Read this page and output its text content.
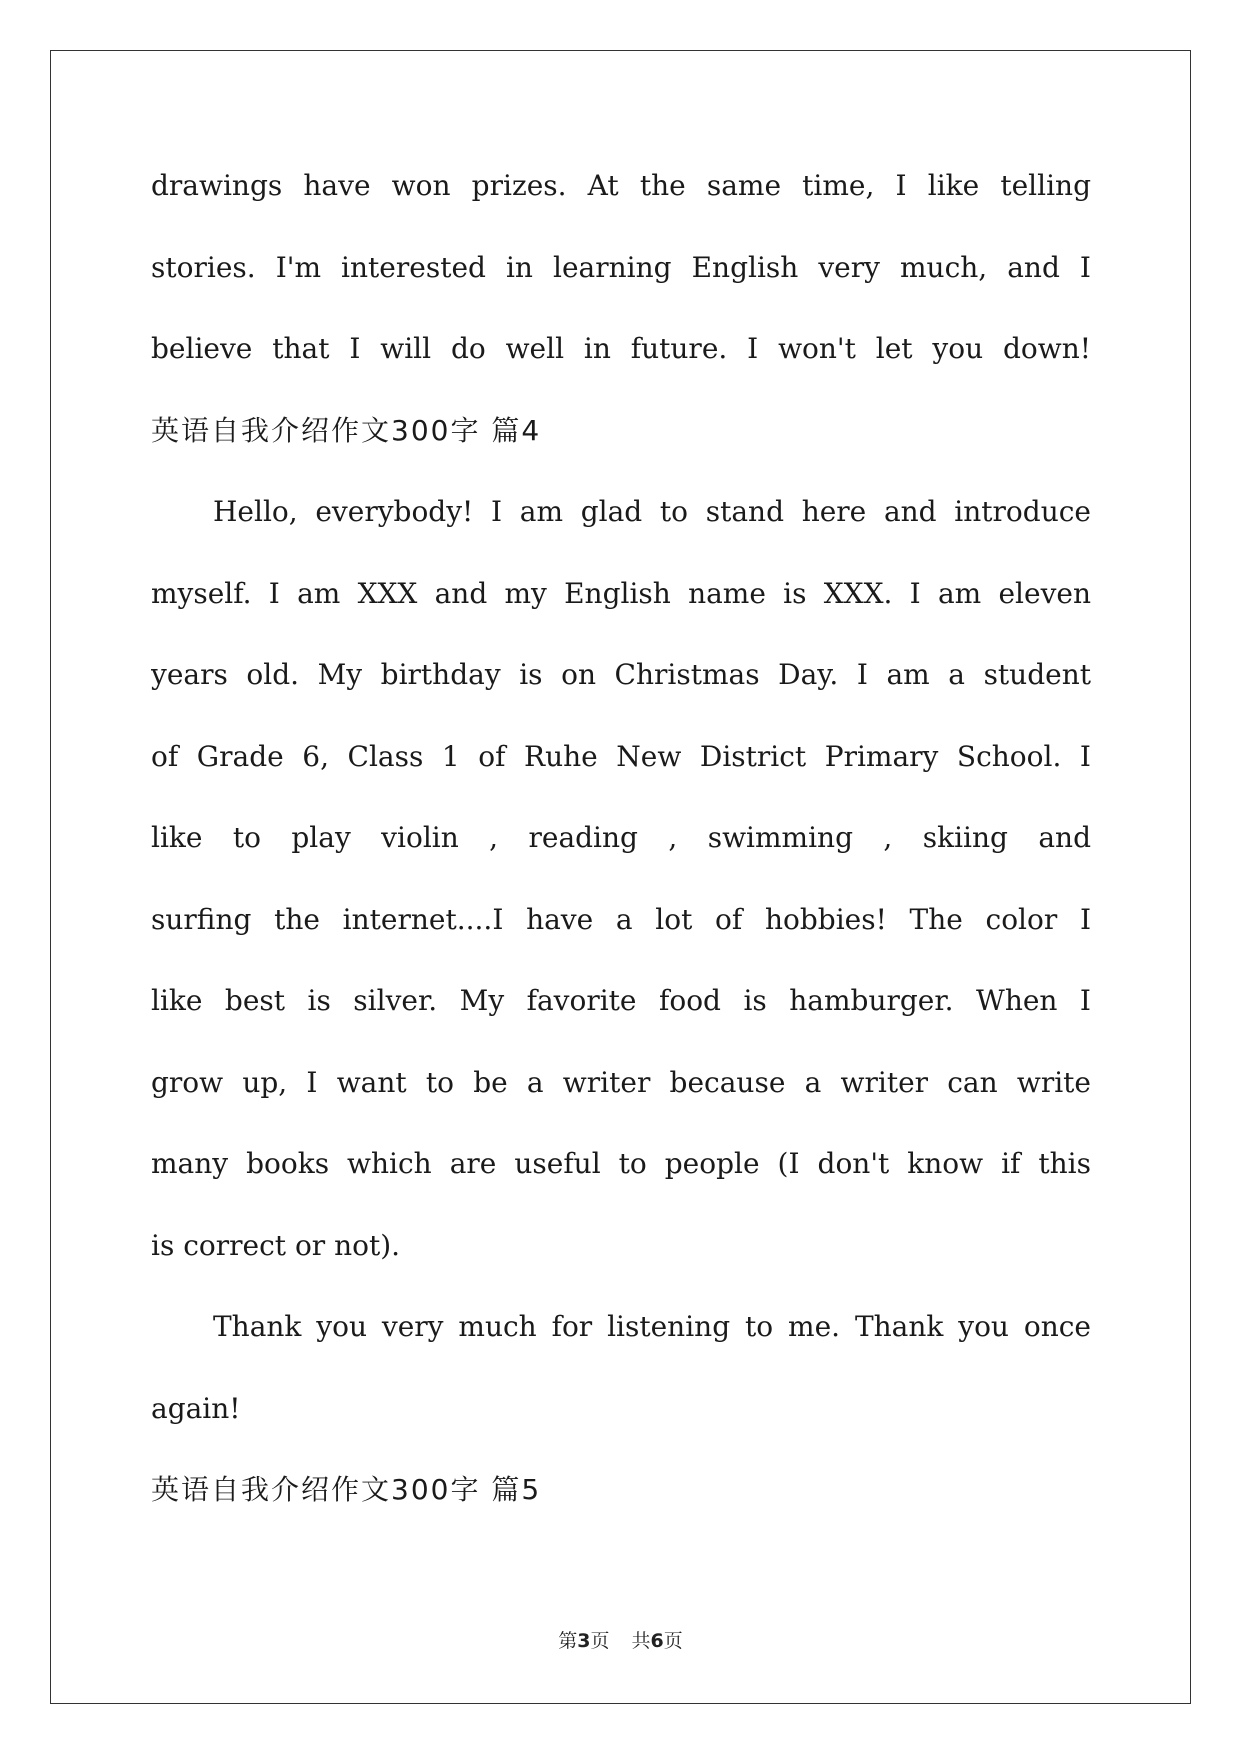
drawings have won prizes. At the same time, I like telling
stories. I'm interested in learning English very much, and I
believe that I will do well in future. I won't let you down!
英语自我介绍作文300字 篇4
Hello, everybody! I am glad to stand here and introduce
myself. I am XXX and my English name is XXX. I am eleven
years old. My birthday is on Christmas Day. I am a student
of Grade 6, Class 1 of Ruhe New District Primary School. I
like to play violin , reading , swimming , skiing and
surfing the internet....I have a lot of hobbies! The color I
like best is silver. My favorite food is hamburger. When I
grow up, I want to be a writer because a writer can write
many books which are useful to people (I don't know if this
is correct or not).
Thank you very much for listening to me. Thank you once
again!
英语自我介绍作文300字 篇5
第3页 共6页
